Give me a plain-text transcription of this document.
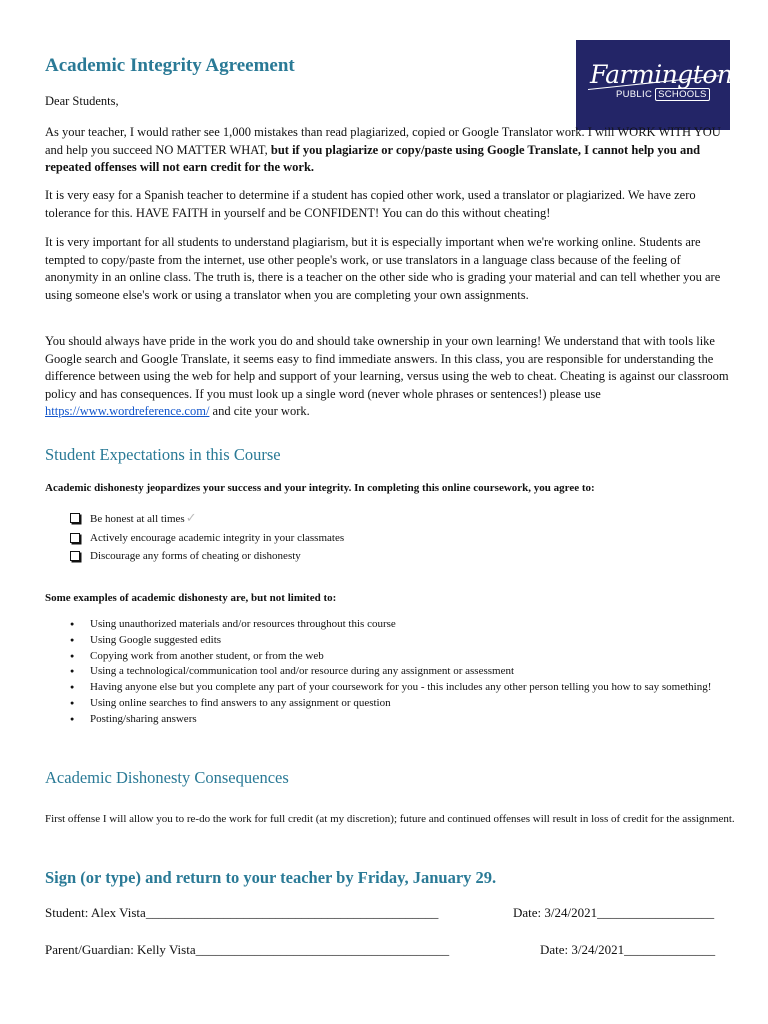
Farmington
PUBLIC SCHOOLS
Academic Integrity Agreement
Dear Students,
As your teacher, I would rather see 1,000 mistakes than read plagiarized, copied or Google Translator work. I will WORK WITH YOU and help you succeed NO MATTER WHAT, but if you plagiarize or copy/paste using Google Translate, I cannot help you and repeated offenses will not earn credit for the work.
It is very easy for a Spanish teacher to determine if a student has copied other work, used a translator or plagiarized. We have zero tolerance for this. HAVE FAITH in yourself and be CONFIDENT! You can do this without cheating!
It is very important for all students to understand plagiarism, but it is especially important when we're working online. Students are tempted to copy/paste from the internet, use other people's work, or use translators in a language class because of the feeling of anonymity in an online class. The truth is, there is a teacher on the other side who is grading your material and can tell whether you are using someone else's work or using a translator when you are completing your own assignments.
You should always have pride in the work you do and should take ownership in your own learning! We understand that with tools like Google search and Google Translate, it seems easy to find immediate answers. In this class, you are responsible for understanding the difference between using the web for help and support of your learning, versus using the web to cheat. Cheating is against our classroom policy and has consequences. If you must look up a single word (never whole phrases or sentences!) please use https://www.wordreference.com/ and cite your work.
Student Expectations in this Course
Academic dishonesty jeopardizes your success and your integrity. In completing this online coursework, you agree to:
Be honest at all times✓
Actively encourage academic integrity in your classmates
Discourage any forms of cheating or dishonesty
Some examples of academic dishonesty are, but not limited to:
● Using unauthorized materials and/or resources throughout this course
● Using Google suggested edits
● Copying work from another student, or from the web
● Using a technological/communication tool and/or resource during any assignment or assessment
● Having anyone else but you complete any part of your coursework for you - this includes any other person telling you how to say something!
● Using online searches to find answers to any assignment or question
● Posting/sharing answers
Academic Dishonesty Consequences
First offense I will allow you to re-do the work for full credit (at my discretion); future and continued offenses will result in loss of credit for the assignment.
Sign (or type) and return to your teacher by Friday, January 29.
Student: Alex Vista_____________________________________________	Date: 3/24/2021__________________
Parent/Guardian: Kelly Vista_______________________________________	Date: 3/24/2021______________
